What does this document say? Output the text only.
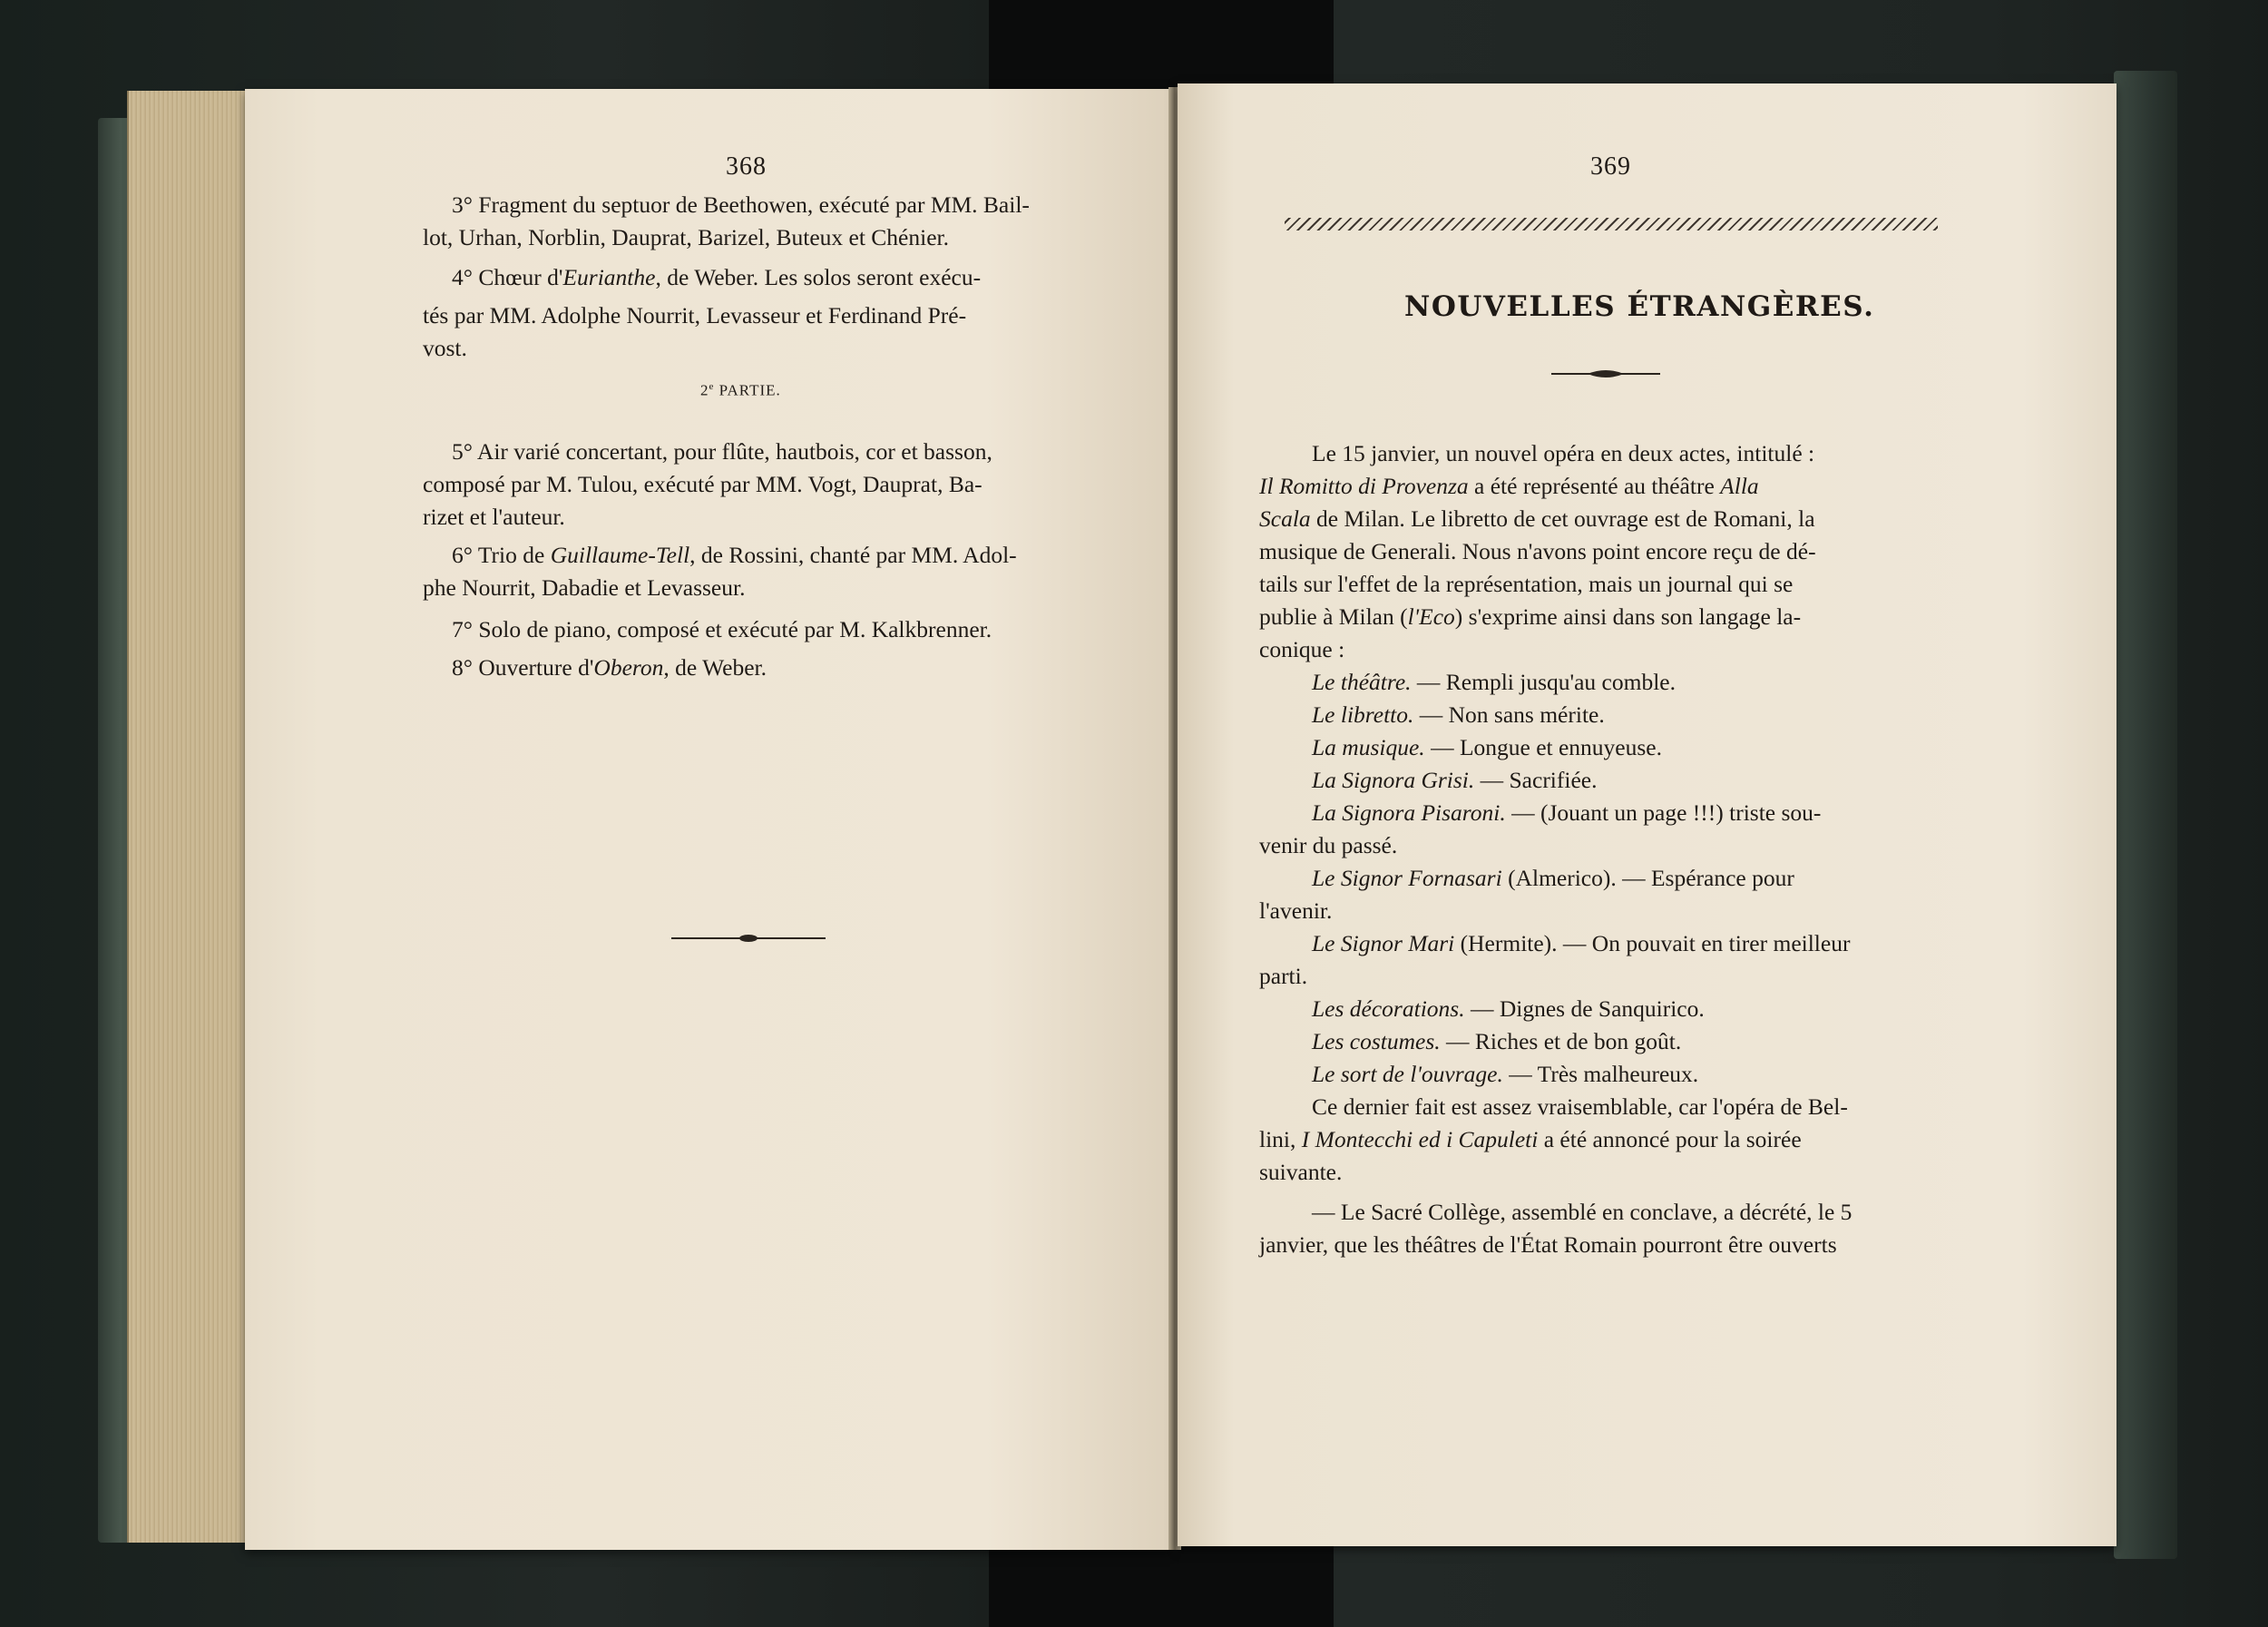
368
3° Fragment du septuor de Beethowen, exécuté par MM. Bail-
lot, Urhan, Norblin, Dauprat, Barizel, Buteux et Chénier.
4° Chœur d'Eurianthe, de Weber. Les solos seront exécu-
tés par MM. Adolphe Nourrit, Levasseur et Ferdinand Pré-
vost.
2e PARTIE.
5° Air varié concertant, pour flûte, hautbois, cor et basson,
composé par M. Tulou, exécuté par MM. Vogt, Dauprat, Ba-
rizet et l'auteur.
6° Trio de Guillaume-Tell, de Rossini, chanté par MM. Adol-
phe Nourrit, Dabadie et Levasseur.
7° Solo de piano, composé et exécuté par M. Kalkbrenner.
8° Ouverture d'Oberon, de Weber.
369
NOUVELLES ÉTRANGÈRES.
Le 15 janvier, un nouvel opéra en deux actes, intitulé :
Il Romitto di Provenza a été représenté au théâtre Alla
Scala de Milan. Le libretto de cet ouvrage est de Romani, la
musique de Generali. Nous n'avons point encore reçu de dé-
tails sur l'effet de la représentation, mais un journal qui se
publie à Milan (l'Eco) s'exprime ainsi dans son langage la-
conique :
Le théâtre. — Rempli jusqu'au comble.
Le libretto. — Non sans mérite.
La musique. — Longue et ennuyeuse.
La Signora Grisi. — Sacrifiée.
La Signora Pisaroni. — (Jouant un page !!!) triste sou-
venir du passé.
Le Signor Fornasari (Almerico). — Espérance pour
l'avenir.
Le Signor Mari (Hermite). — On pouvait en tirer meilleur
parti.
Les décorations. — Dignes de Sanquirico.
Les costumes. — Riches et de bon goût.
Le sort de l'ouvrage. — Très malheureux.
Ce dernier fait est assez vraisemblable, car l'opéra de Bel-
lini, I Montecchi ed i Capuleti a été annoncé pour la soirée
suivante.
— Le Sacré Collège, assemblé en conclave, a décrété, le 5
janvier, que les théâtres de l'État Romain pourront être ouverts
